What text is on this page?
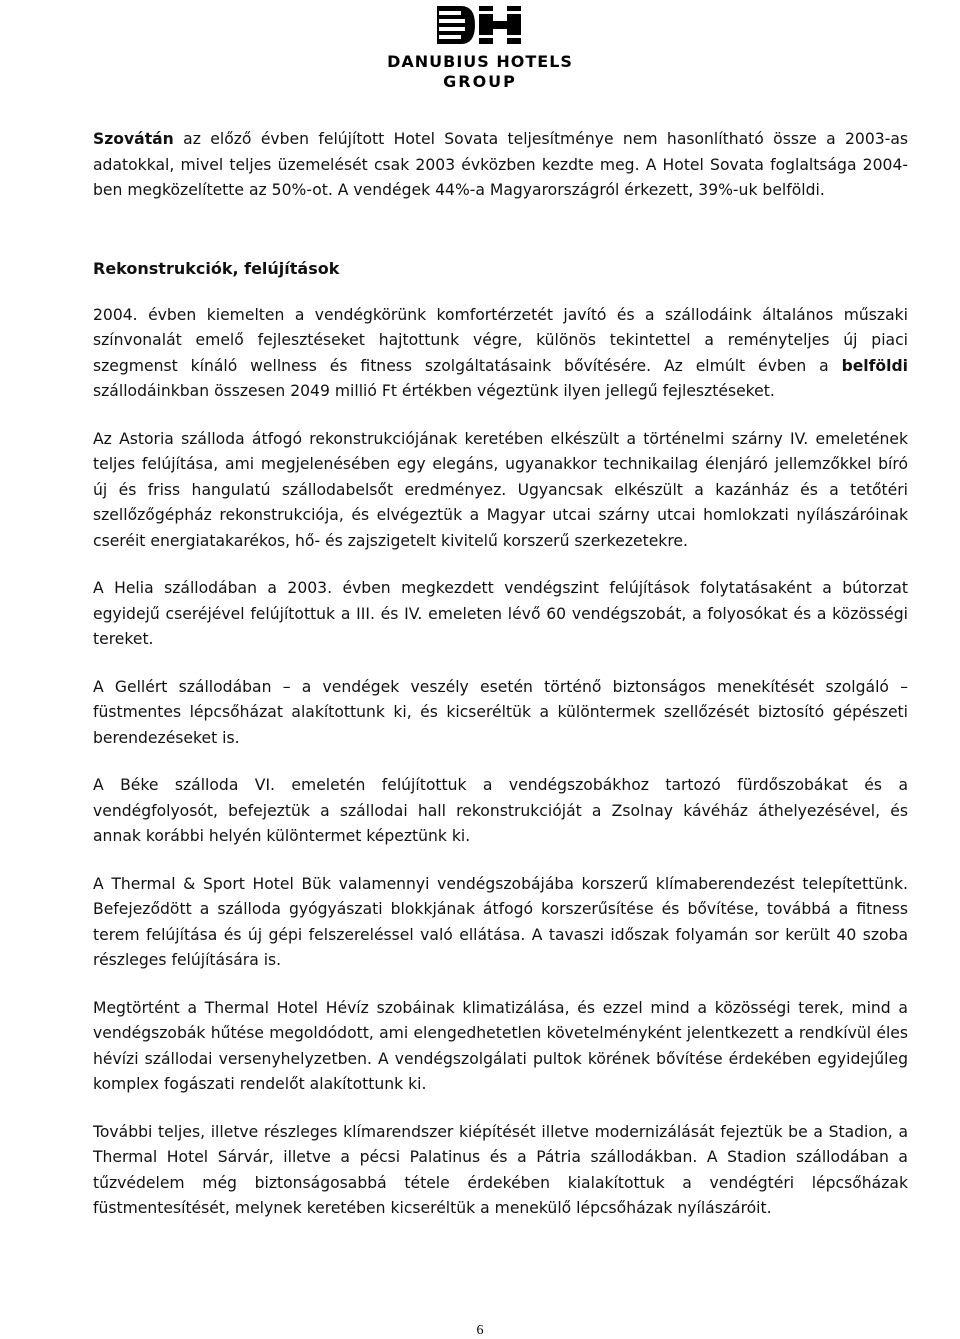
DANUBIUS HOTELS
GROUP

Szovátán az előző évben felújított Hotel Sovata teljesítménye nem hasonlítható össze a 2003-as adatokkal, mivel teljes üzemelését csak 2003 évközben kezdte meg. A Hotel Sovata foglaltsága 2004-ben megközelítette az 50%-ot. A vendégek 44%-a Magyarországról érkezett, 39%-uk belföldi.

Rekonstrukciók, felújítások

2004. évben kiemelten a vendégkörünk komfortérzetét javító és a szállodáink általános műszaki színvonalát emelő fejlesztéseket hajtottunk végre, különös tekintettel a reményteljes új piaci szegmenst kínáló wellness és fitness szolgáltatásaink bővítésére. Az elmúlt évben a belföldi szállodáinkban összesen 2049 millió Ft értékben végeztünk ilyen jellegű fejlesztéseket.

Az Astoria szálloda átfogó rekonstrukciójának keretében elkészült a történelmi szárny IV. emeletének teljes felújítása, ami megjelenésében egy elegáns, ugyanakkor technikailag élenjáró jellemzőkkel bíró új és friss hangulatú szállodabelsőt eredményez. Ugyancsak elkészült a kazánház és a tetőtéri szellőzőgépház rekonstrukciója, és elvégeztük a Magyar utcai szárny utcai homlokzati nyílászáróinak cseréit energiatakarékos, hő- és zajszigetelt kivitelű korszerű szerkezetekre.

A Helia szállodában a 2003. évben megkezdett vendégszint felújítások folytatásaként a bútorzat egyidejű cseréjével felújítottuk a III. és IV. emeleten lévő 60 vendégszobát, a folyosókat és a közösségi tereket.

A Gellért szállodában – a vendégek veszély esetén történő biztonságos menekítését szolgáló – füstmentes lépcsőházat alakítottunk ki, és kicseréltük a különtermek szellőzését biztosító gépészeti berendezéseket is.

A Béke szálloda VI. emeletén felújítottuk a vendégszobákhoz tartozó fürdőszobákat és a vendégfolyosót, befejeztük a szállodai hall rekonstrukcióját a Zsolnay kávéház áthelyezésével, és annak korábbi helyén különtermet képeztünk ki.

A Thermal & Sport Hotel Bük valamennyi vendégszobájába korszerű klímaberendezést telepítettünk. Befejeződött a szálloda gyógyászati blokkjának átfogó korszerűsítése és bővítése, továbbá a fitness terem felújítása és új gépi felszereléssel való ellátása. A tavaszi időszak folyamán sor került 40 szoba részleges felújítására is.

Megtörtént a Thermal Hotel Hévíz szobáinak klimatizálása, és ezzel mind a közösségi terek, mind a vendégszobák hűtése megoldódott, ami elengedhetetlen követelményként jelentkezett a rendkívül éles hévízi szállodai versenyhelyzetben. A vendégszolgálati pultok körének bővítése érdekében egyidejűleg komplex fogászati rendelőt alakítottunk ki.

További teljes, illetve részleges klímarendszer kiépítését illetve modernizálását fejeztük be a Stadion, a Thermal Hotel Sárvár, illetve a pécsi Palatinus és a Pátria szállodákban. A Stadion szállodában a tűzvédelem még biztonságosabbá tétele érdekében kialakítottuk a vendégtéri lépcsőházak füstmentesítését, melynek keretében kicseréltük a menekülő lépcsőházak nyílászáróit.

6
